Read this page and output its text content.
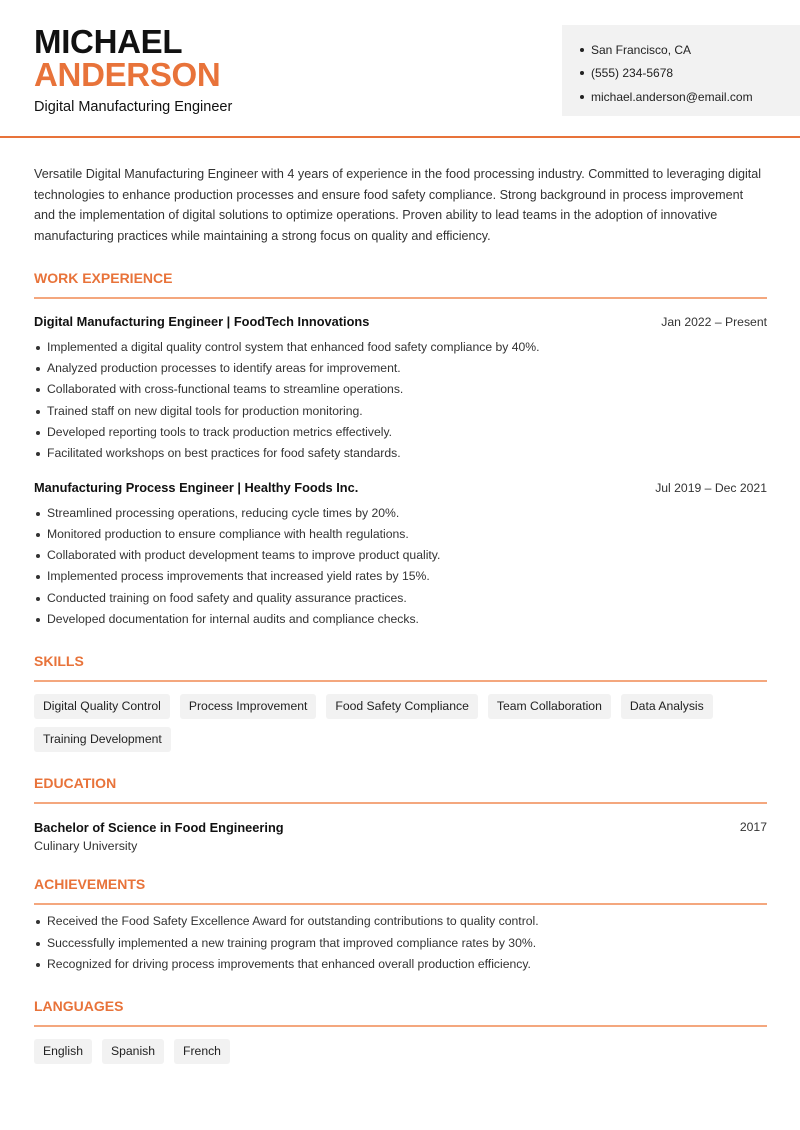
MICHAEL
ANDERSON
Digital Manufacturing Engineer
San Francisco, CA
(555) 234-5678
michael.anderson@email.com

Versatile Digital Manufacturing Engineer with 4 years of experience in the food processing industry. Committed to leveraging digital technologies to enhance production processes and ensure food safety compliance. Strong background in process improvement and the implementation of digital solutions to optimize operations. Proven ability to lead teams in the adoption of innovative manufacturing practices while maintaining a strong focus on quality and efficiency.

WORK EXPERIENCE
Digital Manufacturing Engineer | FoodTech Innovations	Jan 2022 – Present
Implemented a digital quality control system that enhanced food safety compliance by 40%.
Analyzed production processes to identify areas for improvement.
Collaborated with cross-functional teams to streamline operations.
Trained staff on new digital tools for production monitoring.
Developed reporting tools to track production metrics effectively.
Facilitated workshops on best practices for food safety standards.
Manufacturing Process Engineer | Healthy Foods Inc.	Jul 2019 – Dec 2021
Streamlined processing operations, reducing cycle times by 20%.
Monitored production to ensure compliance with health regulations.
Collaborated with product development teams to improve product quality.
Implemented process improvements that increased yield rates by 15%.
Conducted training on food safety and quality assurance practices.
Developed documentation for internal audits and compliance checks.
SKILLS
Digital Quality Control	Process Improvement	Food Safety Compliance	Team Collaboration	Data Analysis
Training Development
EDUCATION
Bachelor of Science in Food Engineering	2017
Culinary University
ACHIEVEMENTS
Received the Food Safety Excellence Award for outstanding contributions to quality control.
Successfully implemented a new training program that improved compliance rates by 30%.
Recognized for driving process improvements that enhanced overall production efficiency.
LANGUAGES
English	Spanish	French
